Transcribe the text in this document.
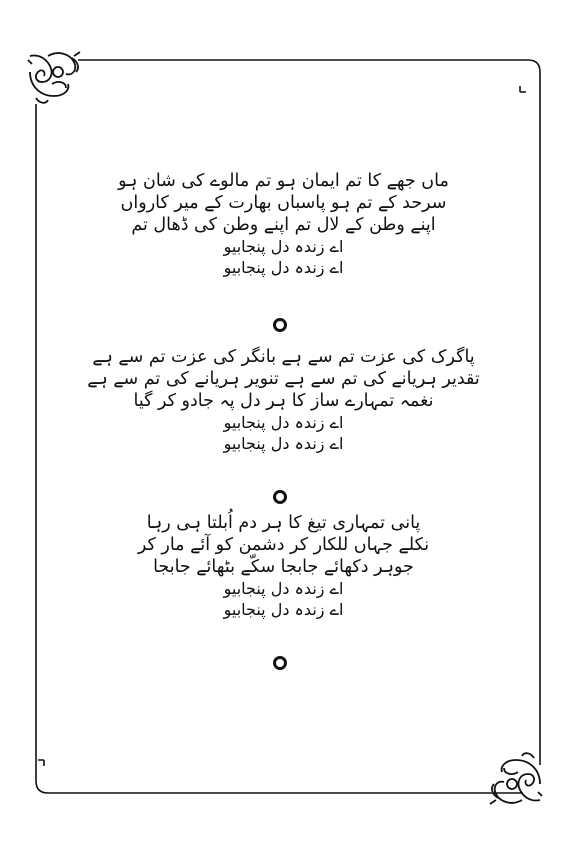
ماں جھے کا تم ایمان ہو تم مالوے کی شان ہو
سرحد کے تم ہو پاسباں بھارت کے میر کارواں
اپنے وطن کے لال تم اپنے وطن کی ڈھال تم
اے زندہ دل پنجابیو
اے زندہ دل پنجابیو
پاگرک کی عزت تم سے ہے بانگر کی عزت تم سے ہے
تقدیر ہریانے کی تم سے ہے تنویر ہریانے کی تم سے ہے
نغمہ تمہارے ساز کا ہر دل پہ جادو کر گیا
اے زندہ دل پنجابیو
اے زندہ دل پنجابیو
پانی تمہاری تیغ کا ہر دم اُبلتا ہی رہا
نکلے جہاں للکار کر دشمن کو آئے مار کر
جوہر دکھائے جابجا سکّے بٹھائے جابجا
اے زندہ دل پنجابیو
اے زندہ دل پنجابیو
